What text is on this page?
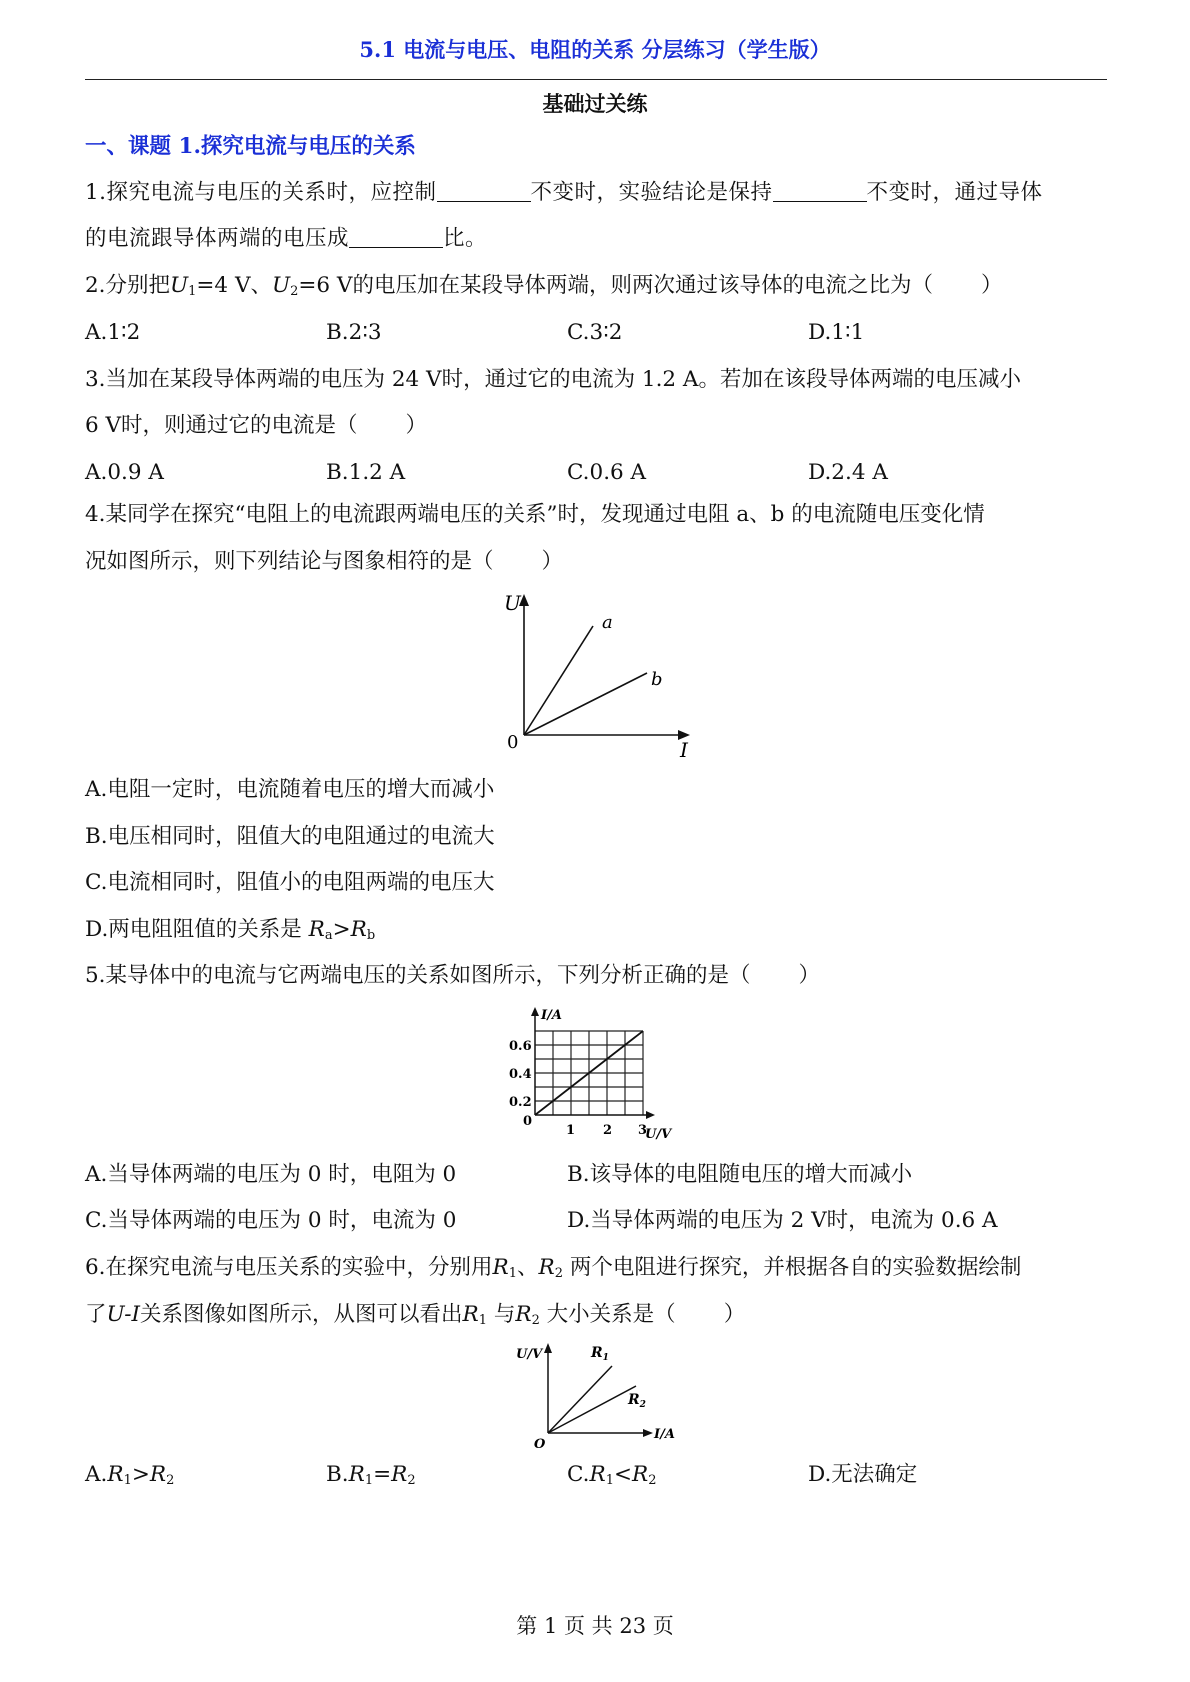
5.1 电流与电压、电阻的关系 分层练习（学生版）
基础过关练
一、课题 1.探究电流与电压的关系
1.探究电流与电压的关系时，应控制	不变时，实验结论是保持	不变时，通过导体
的电流跟导体两端的电压成	比。
2.分别把$U_1=4$ V、$U_2=6$ V的电压加在某段导体两端，则两次通过该导体的电流之比为（ ）
A.1∶2	B.2∶3	C.3∶2	D.1∶1
3.当加在某段导体两端的电压为 24 V时，通过它的电流为 1.2 A。若加在该段导体两端的电压减小
6 V时，则通过它的电流是（ ）
A.0.9 A	B.1.2 A	C.0.6 A	D.2.4 A
4.某同学在探究“电阻上的电流跟两端电压的关系”时，发现通过电阻 a、b 的电流随电压变化情
况如图所示，则下列结论与图象相符的是（ ）
U
I
0
a
b
A.电阻一定时，电流随着电压的增大而减小
B.电压相同时，阻值大的电阻通过的电流大
C.电流相同时，阻值小的电阻两端的电压大
D.两电阻阻值的关系是 $R_a>R_b$
5.某导体中的电流与它两端电压的关系如图所示，下列分析正确的是（ ）
I/A
U/V
0.6
0.4
0.2
0
1 2 3
A.当导体两端的电压为 0 时，电阻为 0	B.该导体的电阻随电压的增大而减小
C.当导体两端的电压为 0 时，电流为 0	D.当导体两端的电压为 2 V时，电流为 0.6 A
6.在探究电流与电压关系的实验中，分别用$R_1$、$R_2$ 两个电阻进行探究，并根据各自的实验数据绘制
了U-I关系图像如图所示，从图可以看出$R_1$ 与$R_2$ 大小关系是（ ）
U/V
I/A
O
$R_1$
$R_2$
$A.R_1>R_2$	$B.R_1=R_2$	$C.R_1<R_2$	D.无法确定
第 1 页 共 23 页
